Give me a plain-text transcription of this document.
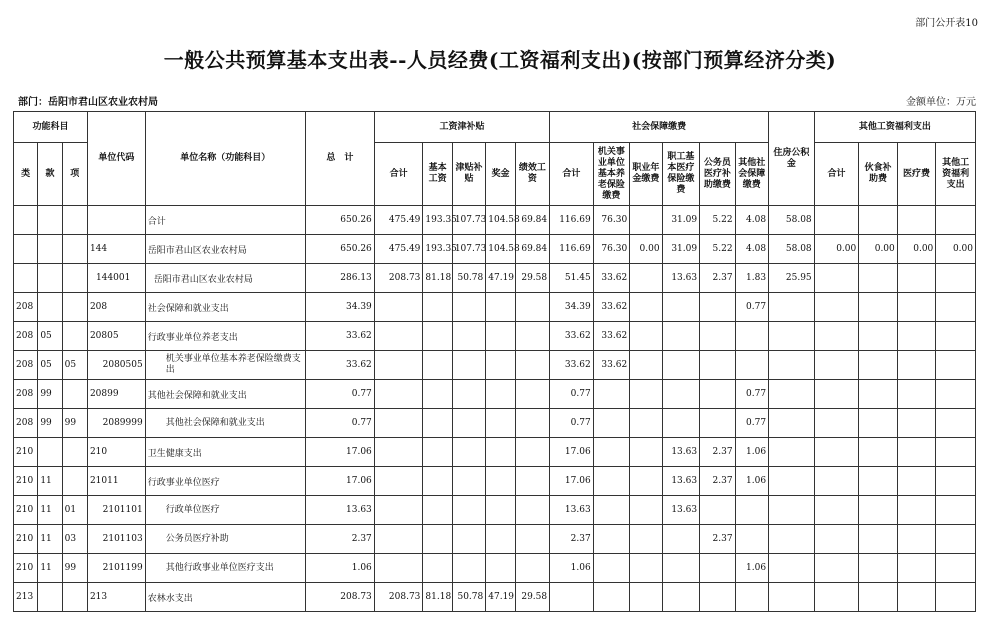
部门公开表10
一般公共预算基本支出表--人员经费(工资福利支出)(按部门预算经济分类)
部门：岳阳市君山区农业农村局	金额单位：万元
功能科目			单位代码	单位名称（功能科目）	总　计	工资津补贴					社会保障缴费						住房公积金	其他工资福利支出			
类	款	项				合计	基本工资	津贴补贴	奖金	绩效工资	合计	机关事业单位基本养老保险缴费	职业年金缴费	职工基本医疗保险缴费	公务员医疗补助缴费	其他社会保障缴费		合计	伙食补助费	医疗费	其他工资福利支出
				合计	650.26	475.49	193.35	107.73	104.58	69.84	116.69	76.30		31.09	5.22	4.08	58.08				
			144	岳阳市君山区农业农村局	650.26	475.49	193.35	107.73	104.58	69.84	116.69	76.30	0.00	31.09	5.22	4.08	58.08	0.00	0.00	0.00	0.00
			144001	岳阳市君山区农业农村局	286.13	208.73	81.18	50.78	47.19	29.58	51.45	33.62		13.63	2.37	1.83	25.95				
208			208	社会保障和就业支出	34.39						34.39	33.62				0.77					
208	05		20805	行政事业单位养老支出	33.62						33.62	33.62									
208	05	05	2080505	机关事业单位基本养老保险缴费支出	33.62						33.62	33.62									
208	99		20899	其他社会保障和就业支出	0.77						0.77					0.77					
208	99	99	2089999	其他社会保障和就业支出	0.77						0.77					0.77					
210			210	卫生健康支出	17.06						17.06			13.63	2.37	1.06					
210	11		21011	行政事业单位医疗	17.06						17.06			13.63	2.37	1.06					
210	11	01	2101101	行政单位医疗	13.63						13.63			13.63							
210	11	03	2101103	公务员医疗补助	2.37						2.37				2.37						
210	11	99	2101199	其他行政事业单位医疗支出	1.06						1.06					1.06					
213			213	农林水支出	208.73	208.73	81.18	50.78	47.19	29.58											
